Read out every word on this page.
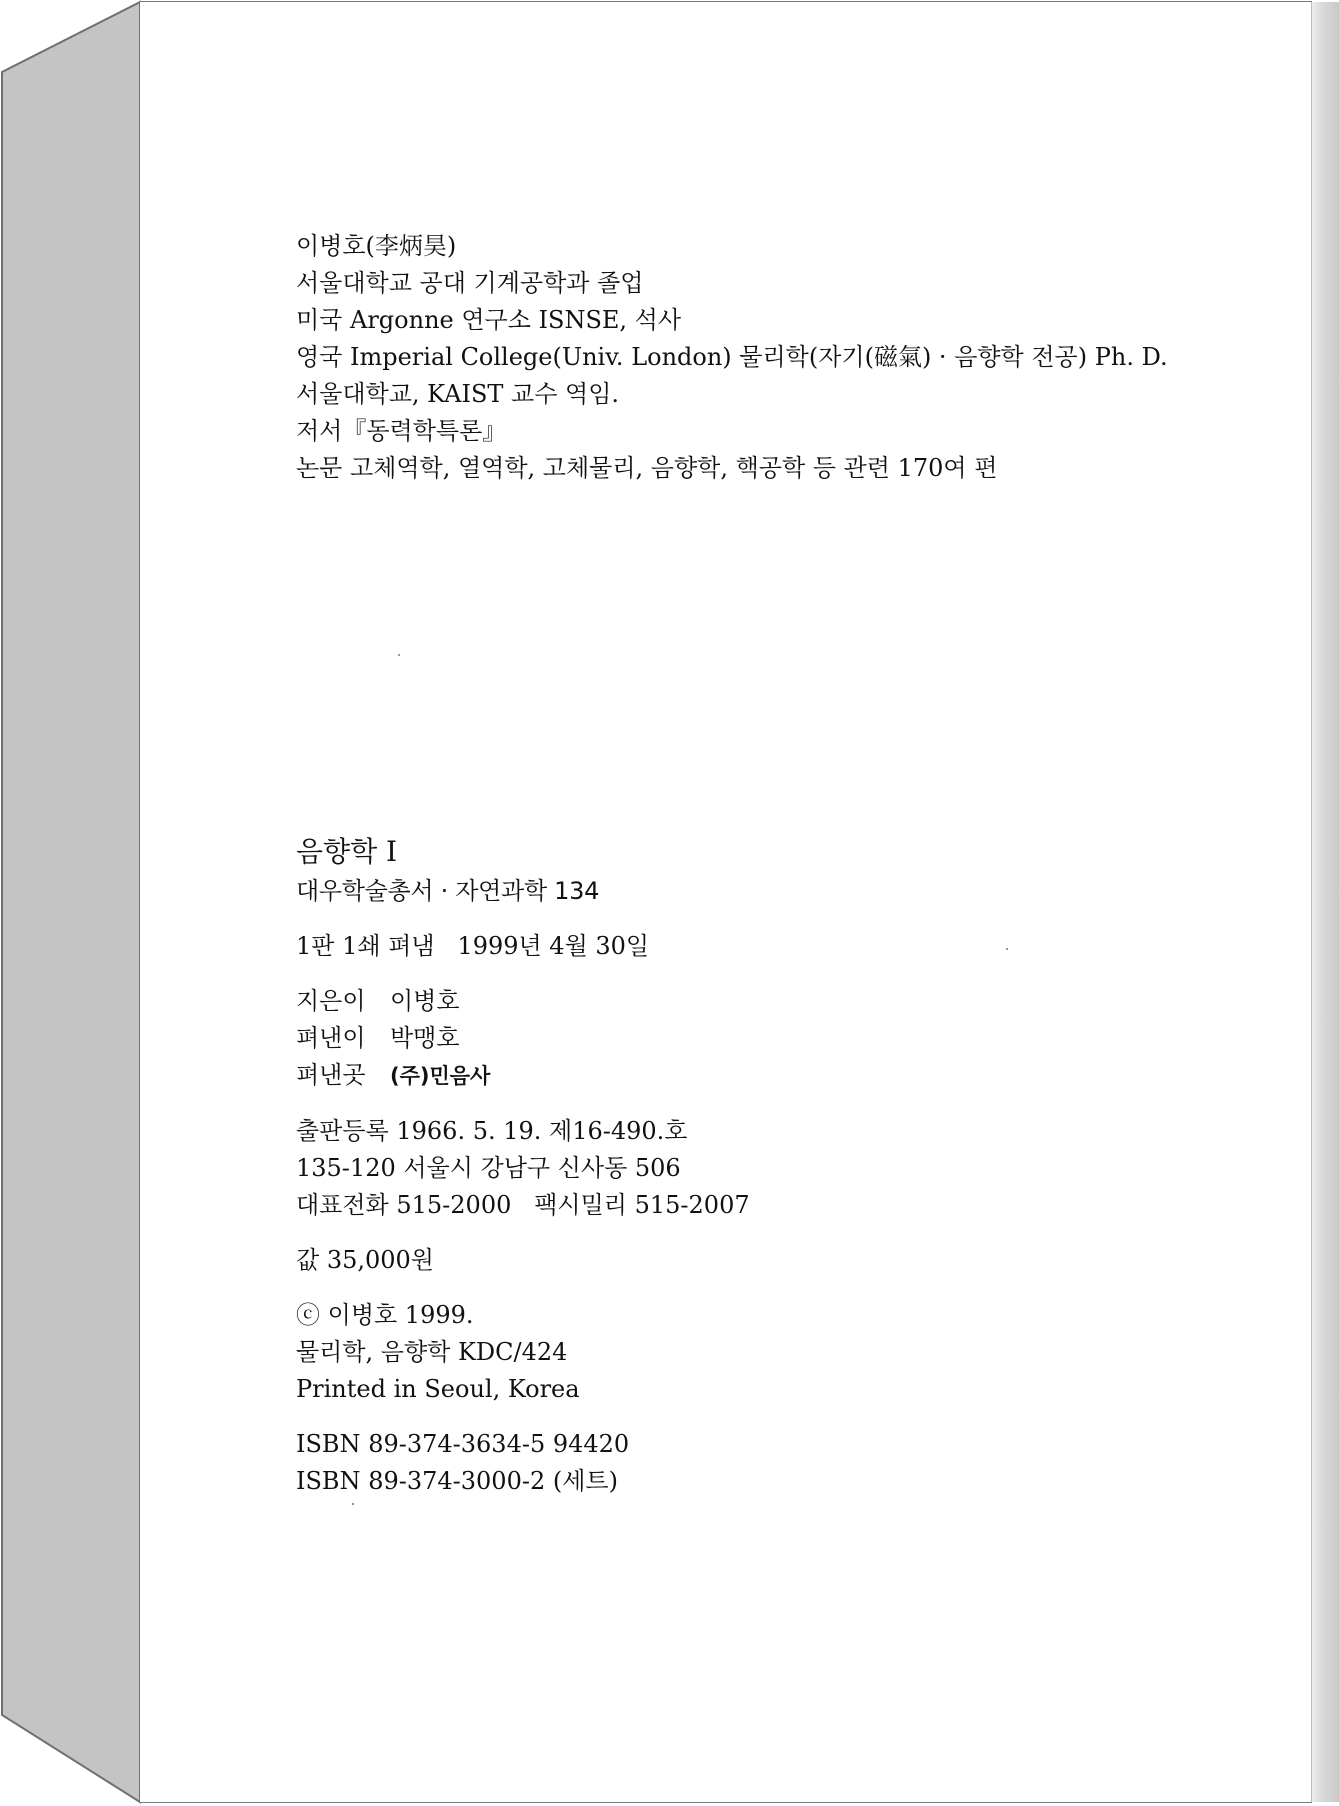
이병호(李炳昊)
서울대학교 공대 기계공학과 졸업
미국 Argonne 연구소 ISNSE, 석사
영국 Imperial College(Univ. London) 물리학(자기(磁氣) · 음향학 전공) Ph. D.
서울대학교, KAIST 교수 역임.
저서『동력학특론』
논문 고체역학, 열역학, 고체물리, 음향학, 핵공학 등 관련 170여 편
음향학 I
대우학술총서 · 자연과학 134
1판 1쇄 펴냄   1999년 4월 30일
지은이 이병호
펴낸이 박맹호
펴낸곳 (주)민음사
출판등록 1966. 5. 19. 제16-490.호
135-120 서울시 강남구 신사동 506
대표전화 515-2000   팩시밀리 515-2007
값 35,000원
ⓒ 이병호 1999.
물리학, 음향학 KDC/424
Printed in Seoul, Korea
ISBN 89-374-3634-5 94420
ISBN 89-374-3000-2 (세트)
